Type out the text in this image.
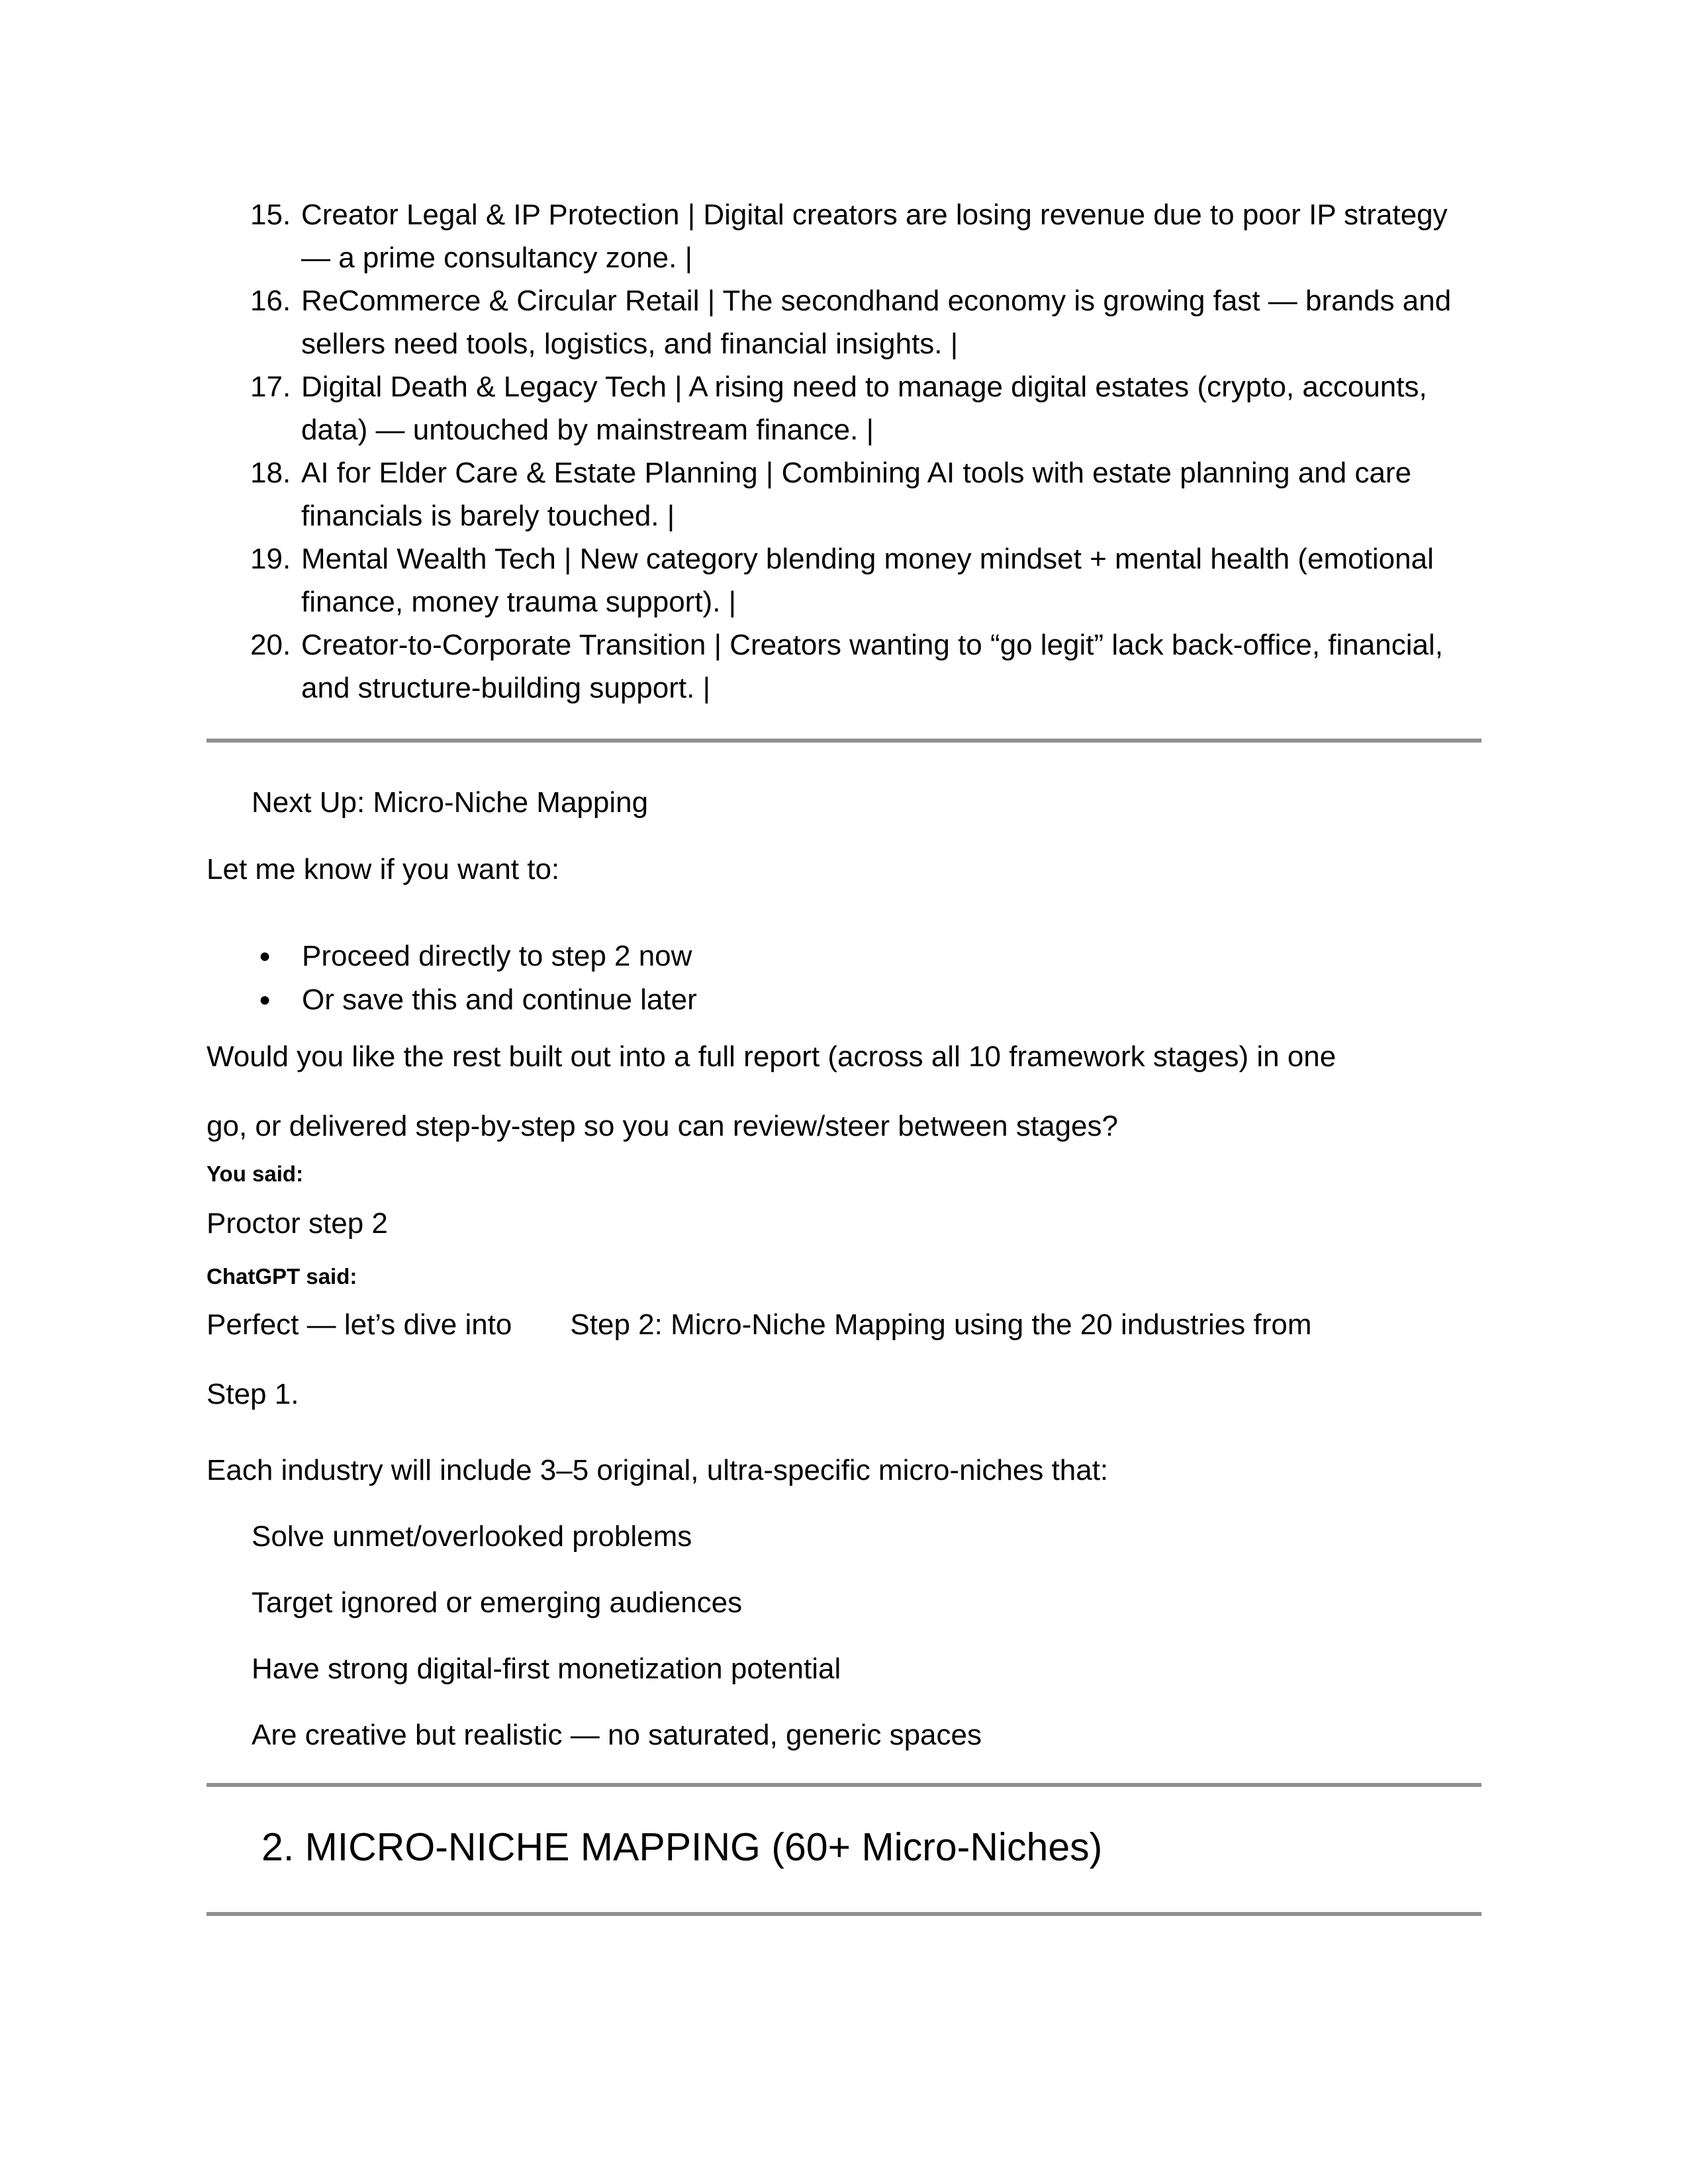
15. Creator Legal & IP Protection | Digital creators are losing revenue due to poor IP strategy — a prime consultancy zone. |
16. ReCommerce & Circular Retail | The secondhand economy is growing fast — brands and sellers need tools, logistics, and financial insights. |
17. Digital Death & Legacy Tech | A rising need to manage digital estates (crypto, accounts, data) — untouched by mainstream finance. |
18. AI for Elder Care & Estate Planning | Combining AI tools with estate planning and care financials is barely touched. |
19. Mental Wealth Tech | New category blending money mindset + mental health (emotional finance, money trauma support). |
20. Creator-to-Corporate Transition | Creators wanting to “go legit” lack back-office, financial, and structure-building support. |

Next Up: Micro-Niche Mapping

Let me know if you want to:

●	Proceed directly to step 2 now
●	Or save this and continue later

Would you like the rest built out into a full report (across all 10 framework stages) in one
go, or delivered step-by-step so you can review/steer between stages?

You said:

Proctor step 2

ChatGPT said:

Perfect — let’s dive into Step 2: Micro-Niche Mapping using the 20 industries from
Step 1.

Each industry will include 3–5 original, ultra-specific micro-niches that:

Solve unmet/overlooked problems

Target ignored or emerging audiences

Have strong digital-first monetization potential

Are creative but realistic — no saturated, generic spaces

2. MICRO-NICHE MAPPING (60+ Micro-Niches)
